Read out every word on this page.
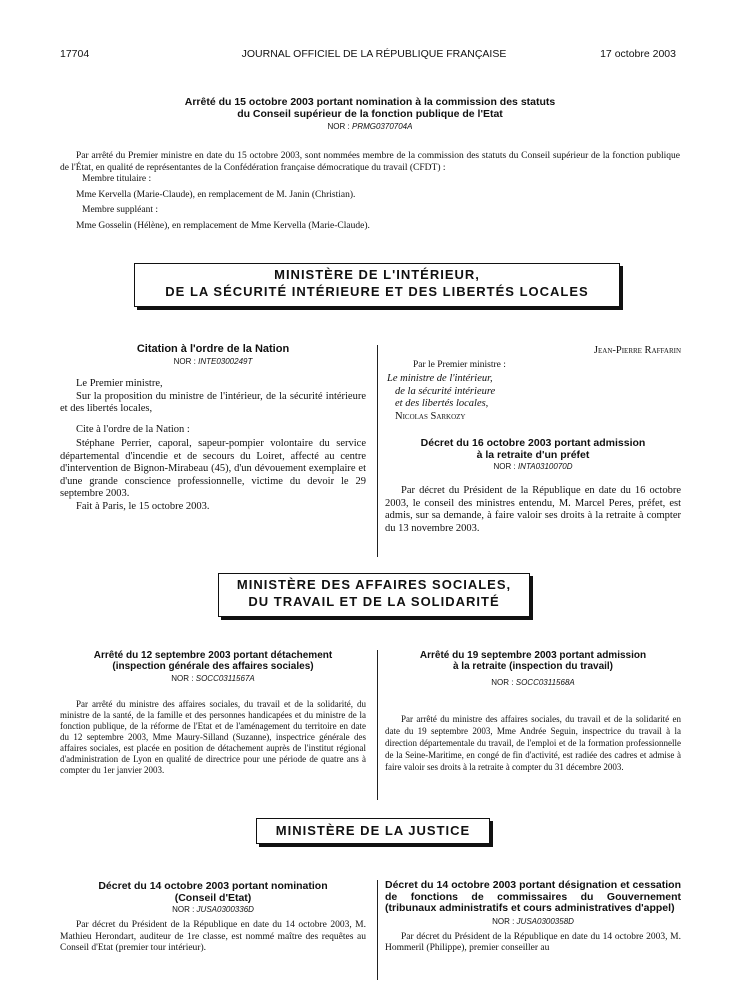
17704	JOURNAL OFFICIEL DE LA RÉPUBLIQUE FRANÇAISE	17 octobre 2003
Arrêté du 15 octobre 2003 portant nomination à la commission des statuts
du Conseil supérieur de la fonction publique de l'Etat
NOR : PRMG0370704A

Par arrêté du Premier ministre en date du 15 octobre 2003, sont nommées membre de la commission des statuts du Conseil supérieur de la fonction publique de l'État, en qualité de représentantes de la Confédération française démocratique du travail (CFDT) :

Membre titulaire :

Mme Kervella (Marie-Claude), en remplacement de M. Janin (Christian).

Membre suppléant :

Mme Gosselin (Hélène), en remplacement de Mme Kervella (Marie-Claude).

MINISTÈRE DE L'INTÉRIEUR,
DE LA SÉCURITÉ INTÉRIEURE ET DES LIBERTÉS LOCALES
Citation à l'ordre de la Nation
NOR : INTE0300249T

Le Premier ministre,

Sur la proposition du ministre de l'intérieur, de la sécurité intérieure et des libertés locales,

Cite à l'ordre de la Nation :

Stéphane Perrier, caporal, sapeur-pompier volontaire du service départemental d'incendie et de secours du Loiret, affecté au centre d'intervention de Bignon-Mirabeau (45), d'un dévouement exemplaire et d'une grande conscience professionnelle, victime du devoir le 29 septembre 2003.

Fait à Paris, le 15 octobre 2003.

Jean-Pierre Raffarin
Par le Premier ministre :
Le ministre de l'intérieur,
de la sécurité intérieure
et des libertés locales,
Nicolas Sarkozy
Décret du 16 octobre 2003 portant admission
à la retraite d'un préfet
NOR : INTA0310070D

Par décret du Président de la République en date du 16 octobre 2003, le conseil des ministres entendu, M. Marcel Peres, préfet, est admis, sur sa demande, à faire valoir ses droits à la retraite à compter du 13 novembre 2003.

MINISTÈRE DES AFFAIRES SOCIALES,
DU TRAVAIL ET DE LA SOLIDARITÉ
Arrêté du 12 septembre 2003 portant détachement
(inspection générale des affaires sociales)
NOR : SOCC0311567A

Par arrêté du ministre des affaires sociales, du travail et de la solidarité, du ministre de la santé, de la famille et des personnes handicapées et du ministre de la fonction publique, de la réforme de l'Etat et de l'aménagement du territoire en date du 12 septembre 2003, Mme Maury-Silland (Suzanne), inspectrice générale des affaires sociales, est placée en position de détachement auprès de l'institut régional d'administration de Lyon en qualité de directrice pour une période de quatre ans à compter du 1er janvier 2003.

Arrêté du 19 septembre 2003 portant admission
à la retraite (inspection du travail)
NOR : SOCC0311568A

Par arrêté du ministre des affaires sociales, du travail et de la solidarité en date du 19 septembre 2003, Mme Andrée Seguin, inspectrice du travail à la direction départementale du travail, de l'emploi et de la formation professionnelle de la Seine-Maritime, en congé de fin d'activité, est radiée des cadres et admise à faire valoir ses droits à la retraite à compter du 31 décembre 2003.

MINISTÈRE DE LA JUSTICE
Décret du 14 octobre 2003 portant nomination
(Conseil d'Etat)
NOR : JUSA0300336D

Par décret du Président de la République en date du 14 octobre 2003, M. Mathieu Herondart, auditeur de 1re classe, est nommé maître des requêtes au Conseil d'Etat (premier tour intérieur).

Décret du 14 octobre 2003 portant désignation et cessation de fonctions de commissaires du Gouvernement (tribunaux administratifs et cours administratives d'appel)
NOR : JUSA0300358D

Par décret du Président de la République en date du 14 octobre 2003, M. Hommeril (Philippe), premier conseiller au
